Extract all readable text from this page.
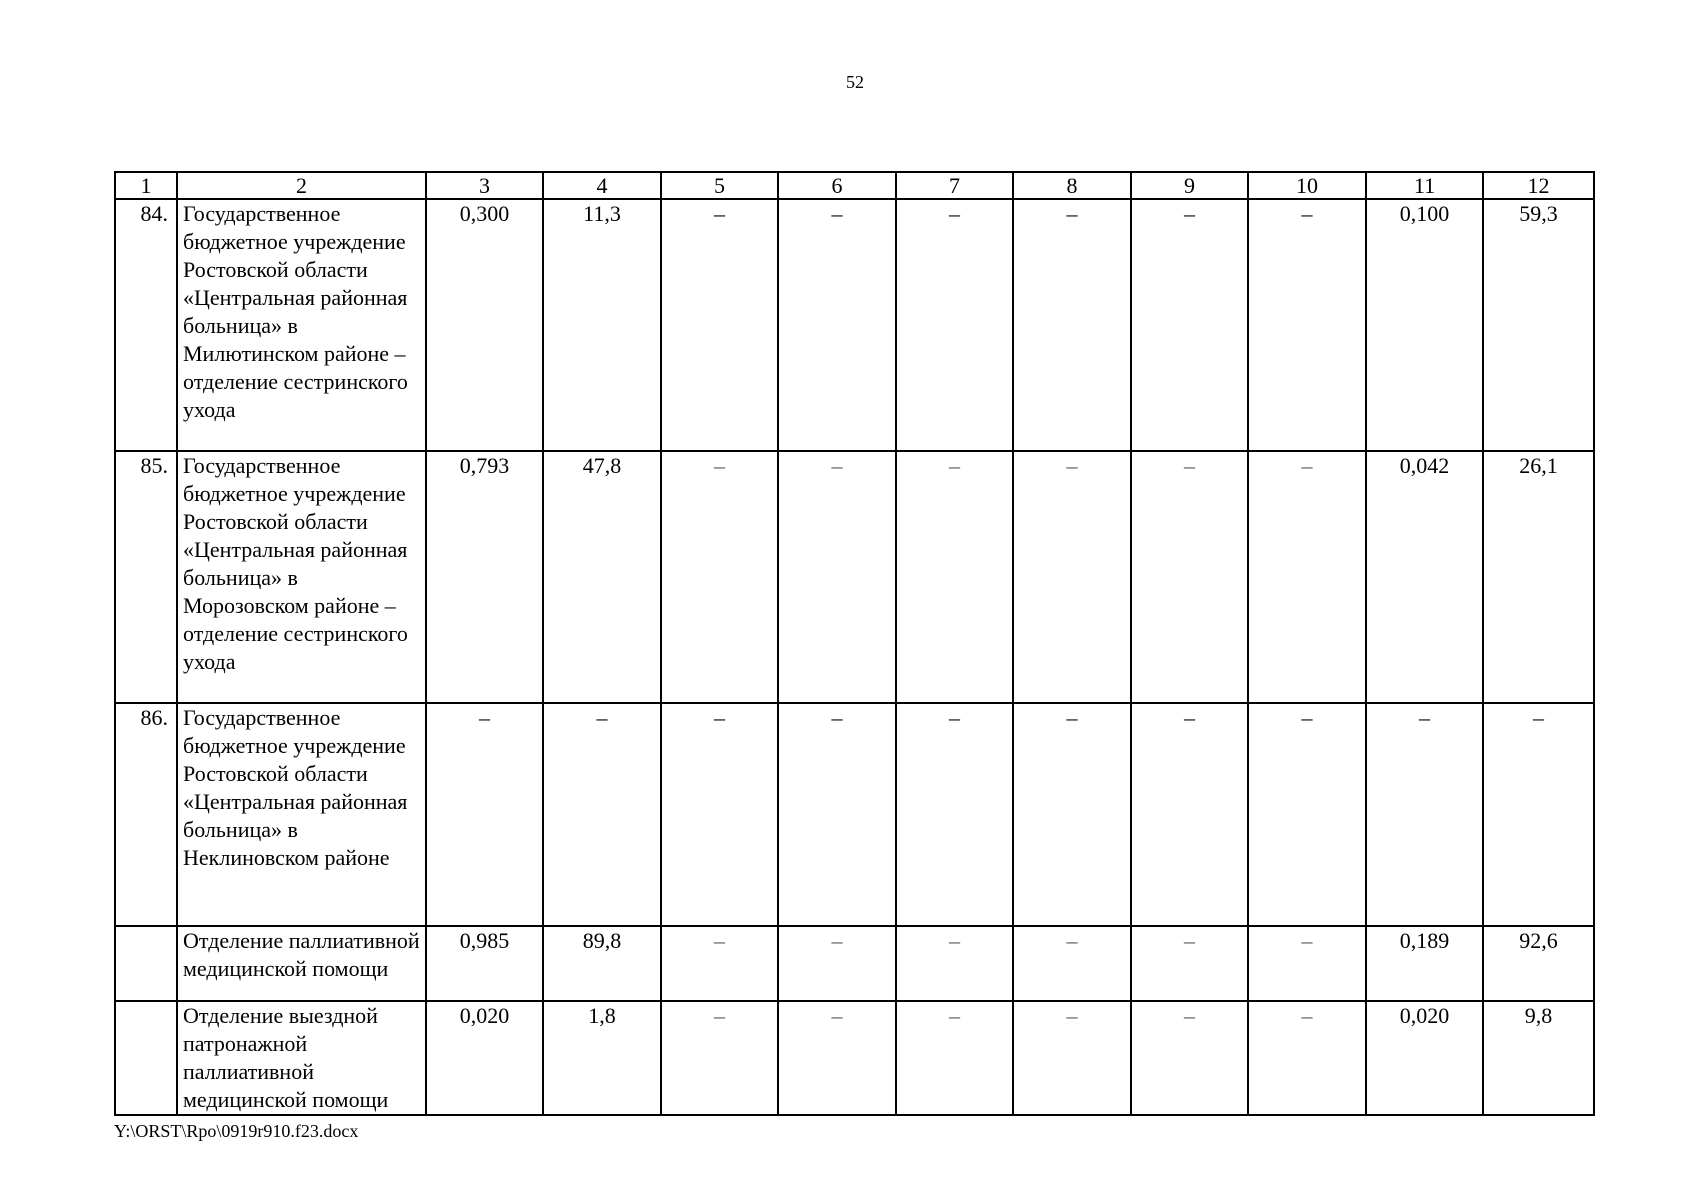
52
1	2	3	4	5	6	7	8	9	10	11	12
84.	Государственное бюджетное учреждение Ростовской области «Центральная районная больница» в Милютинском районе – отделение сестринского ухода	0,300	11,3	–	–	–	–	–	–	0,100	59,3
85.	Государственное бюджетное учреждение Ростовской области «Центральная районная больница» в Морозовском районе – отделение сестринского ухода	0,793	47,8	–	–	–	–	–	–	0,042	26,1
86.	Государственное бюджетное учреждение Ростовской области «Центральная районная больница» в Неклиновском районе	–	–	–	–	–	–	–	–	–	–
	Отделение паллиативной медицинской помощи	0,985	89,8	–	–	–	–	–	–	0,189	92,6
	Отделение выездной патронажной паллиативной медицинской помощи	0,020	1,8	–	–	–	–	–	–	0,020	9,8
Y:\ORST\Rpo\0919r910.f23.docx
